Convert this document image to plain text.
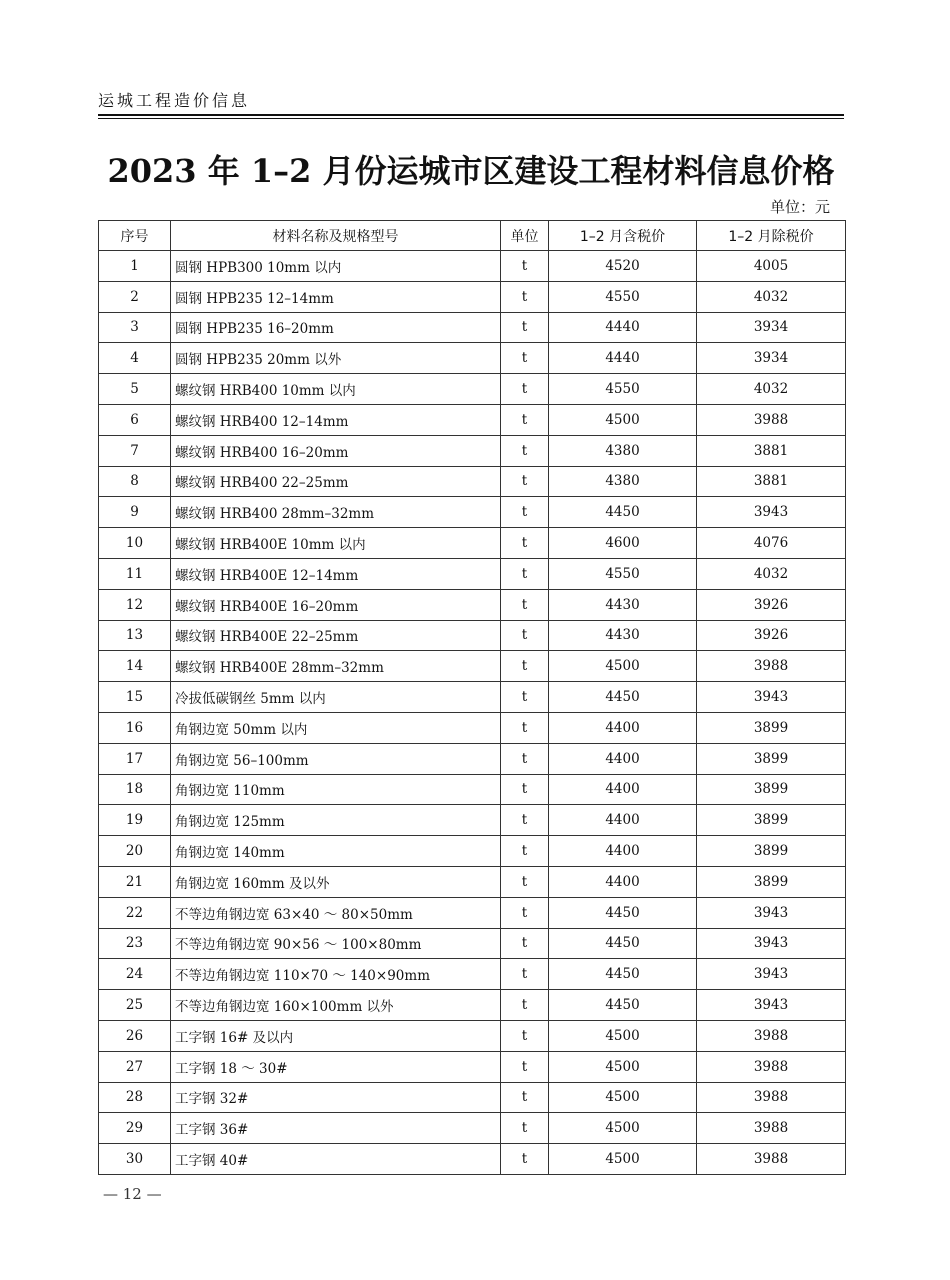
运城工程造价信息
2023 年 1–2 月份运城市区建设工程材料信息价格
单位：元
序号	材料名称及规格型号	单位	1–2 月含税价	1–2 月除税价
1	圆钢 HPB300 10mm 以内	t	4520	4005
2	圆钢 HPB235 12–14mm	t	4550	4032
3	圆钢 HPB235 16–20mm	t	4440	3934
4	圆钢 HPB235 20mm 以外	t	4440	3934
5	螺纹钢 HRB400 10mm 以内	t	4550	4032
6	螺纹钢 HRB400 12–14mm	t	4500	3988
7	螺纹钢 HRB400 16–20mm	t	4380	3881
8	螺纹钢 HRB400 22–25mm	t	4380	3881
9	螺纹钢 HRB400 28mm–32mm	t	4450	3943
10	螺纹钢 HRB400E 10mm 以内	t	4600	4076
11	螺纹钢 HRB400E 12–14mm	t	4550	4032
12	螺纹钢 HRB400E 16–20mm	t	4430	3926
13	螺纹钢 HRB400E 22–25mm	t	4430	3926
14	螺纹钢 HRB400E 28mm–32mm	t	4500	3988
15	冷拔低碳钢丝 5mm 以内	t	4450	3943
16	角钢边宽 50mm 以内	t	4400	3899
17	角钢边宽 56–100mm	t	4400	3899
18	角钢边宽 110mm	t	4400	3899
19	角钢边宽 125mm	t	4400	3899
20	角钢边宽 140mm	t	4400	3899
21	角钢边宽 160mm 及以外	t	4400	3899
22	不等边角钢边宽 63×40 ～ 80×50mm	t	4450	3943
23	不等边角钢边宽 90×56 ～ 100×80mm	t	4450	3943
24	不等边角钢边宽 110×70 ～ 140×90mm	t	4450	3943
25	不等边角钢边宽 160×100mm 以外	t	4450	3943
26	工字钢 16# 及以内	t	4500	3988
27	工字钢 18 ～ 30#	t	4500	3988
28	工字钢 32#	t	4500	3988
29	工字钢 36#	t	4500	3988
30	工字钢 40#	t	4500	3988
— 12 —
